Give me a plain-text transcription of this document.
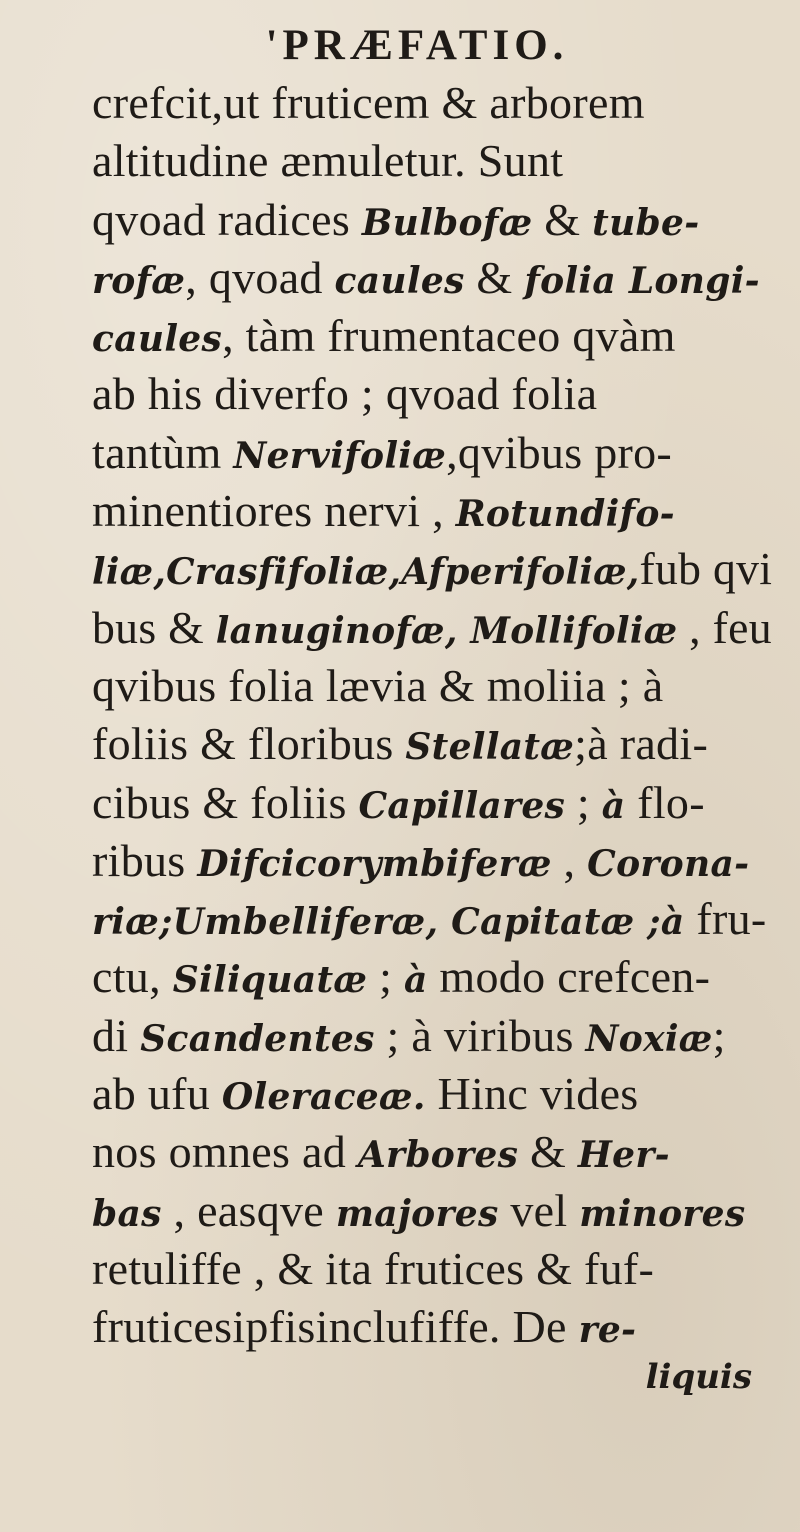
'PRÆFATIO.
crefcit,ut fruticem & arborem
altitudine æmuletur. Sunt
qvoad radices Bulbofæ & tube-
rofæ, qvoad caules & folia Longi-
caules, tàm frumentaceo qvàm
ab his diverfo ; qvoad folia
tantùm Nervifoliæ,qvibus pro-
minentiores nervi , Rotundifo-
liæ,Crasfifoliæ,Afperifoliæ,fub qvi
bus & lanuginofæ, Mollifoliæ , feu
qvibus folia lævia & moliia ; à
foliis & floribus Stellatæ;à radi-
cibus & foliis Capillares ; à flo-
ribus Difcicorymbiferæ , Corona-
riæ;Umbelliferæ, Capitatæ ;à fru-
ctu, Siliquatæ ; à modo crefcen-
di Scandentes ; à viribus Noxiæ;
ab ufu Oleraceæ. Hinc vides
nos omnes ad Arbores & Her-
bas , easqve majores vel minores
retuliffe , & ita frutices & fuf-
fruticesipfisinclufiffe. De re-
liquis
